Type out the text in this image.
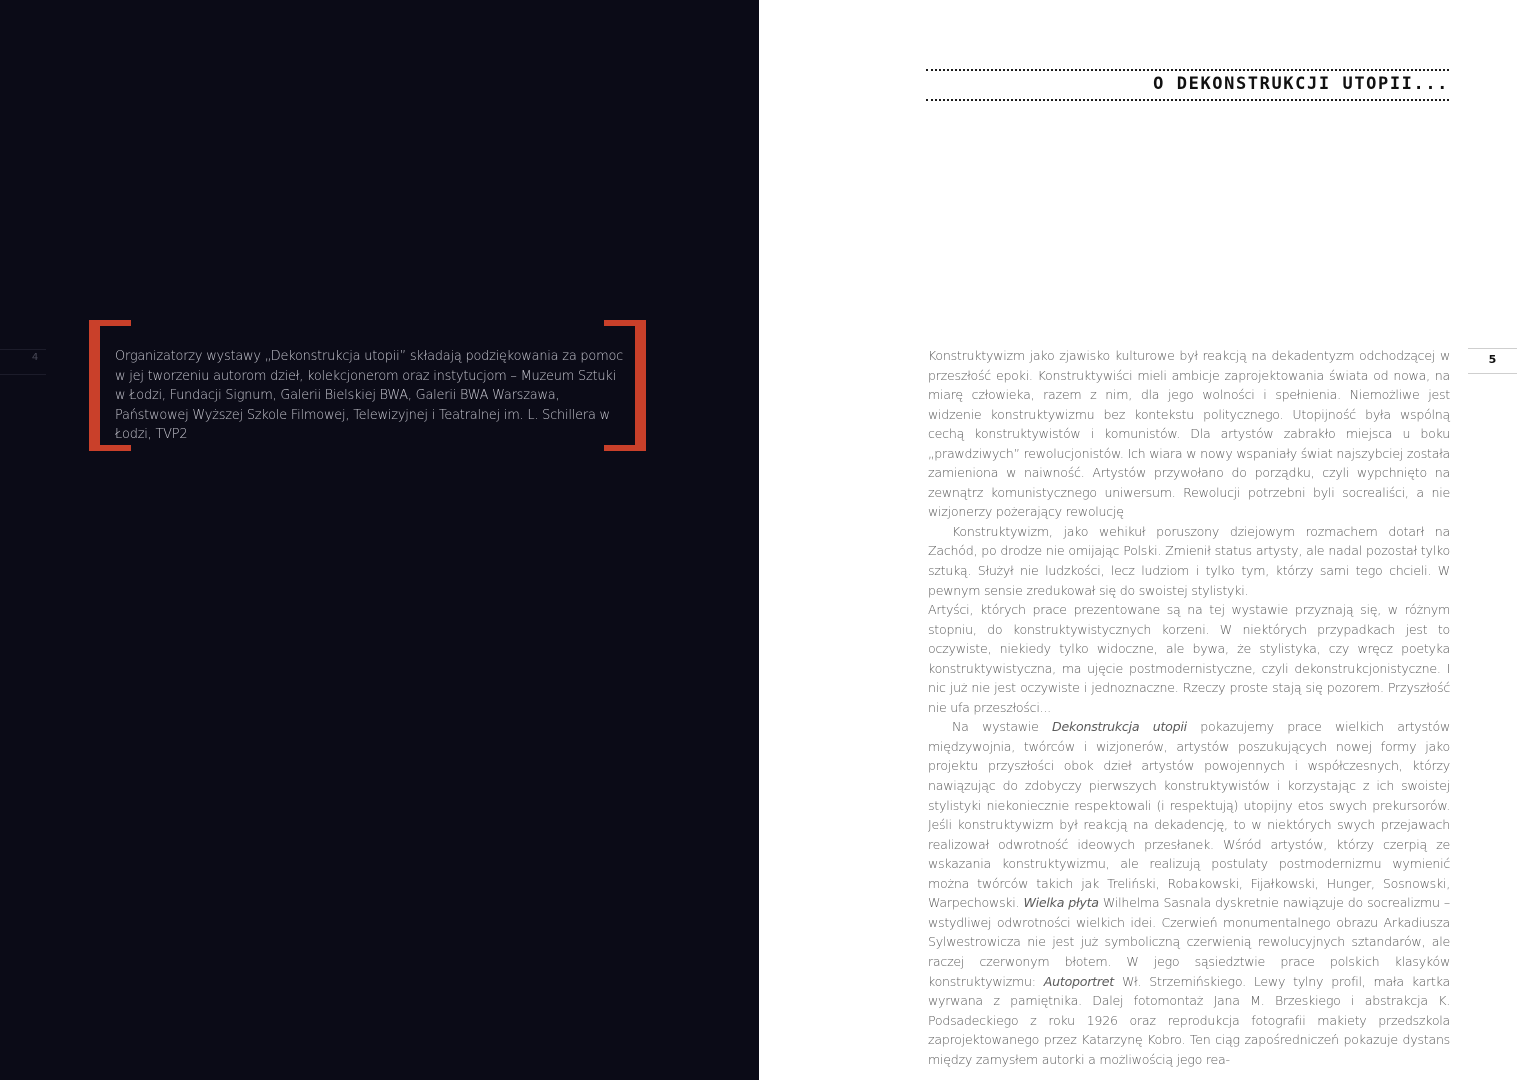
4	Organizatorzy wystawy „Dekonstrukcja utopii” składają podziękowania za pomoc w jej tworzeniu autorom dzieł, kolekcjonerom oraz instytucjom – Muzeum Sztuki w Łodzi, Fundacji Signum, Galerii Bielskiej BWA, Galerii BWA Warszawa, Państwowej Wyższej Szkole Filmowej, Telewizyjnej i Teatralnej im. L. Schillera w Łodzi, TVP2

O DEKONSTRUKCJI UTOPII...
5

Konstruktywizm jako zjawisko kulturowe był reakcją na dekadentyzm odchodzącej w przeszłość epoki. Konstruktywiści mieli ambicje zaprojektowania świata od nowa, na miarę człowieka, razem z nim, dla jego wolności i spełnienia. Niemożliwe jest widzenie konstruktywizmu bez kontekstu politycznego. Utopijność była wspólną cechą konstruktywistów i komunistów. Dla artystów zabrakło miejsca u boku „prawdziwych” rewolucjonistów. Ich wiara w nowy wspaniały świat najszybciej została zamieniona w naiwność. Artystów przywołano do porządku, czyli wypchnięto na zewnątrz komunistycznego uniwersum. Rewolucji potrzebni byli socrealiści, a nie wizjonerzy pożerający rewolucję

Konstruktywizm, jako wehikuł poruszony dziejowym rozmachem dotarł na Zachód, po drodze nie omijając Polski. Zmienił status artysty, ale nadal pozostał tylko sztuką. Służył nie ludzkości, lecz ludziom i tylko tym, którzy sami tego chcieli. W pewnym sensie zredukował się do swoistej stylistyki.

Artyści, których prace prezentowane są na tej wystawie przyznają się, w różnym stopniu, do konstruktywistycznych korzeni. W niektórych przypadkach jest to oczywiste, niekiedy tylko widoczne, ale bywa, że stylistyka, czy wręcz poetyka konstruktywistyczna, ma ujęcie postmodernistyczne, czyli dekonstrukcjonistyczne. I nic już nie jest oczywiste i jednoznaczne. Rzeczy proste stają się pozorem. Przyszłość nie ufa przeszłości...

Na wystawie Dekonstrukcja utopii pokazujemy prace wielkich artystów międzywojnia, twórców i wizjonerów, artystów poszukujących nowej formy jako projektu przyszłości obok dzieł artystów powojennych i współczesnych, którzy nawiązując do zdobyczy pierwszych konstruktywistów i korzystając z ich swoistej stylistyki niekoniecznie respektowali (i respektują) utopijny etos swych prekursorów. Jeśli konstruktywizm był reakcją na dekadencję, to w niektórych swych przejawach realizował odwrotność ideowych przesłanek. Wśród artystów, którzy czerpią ze wskazania konstruktywizmu, ale realizują postulaty postmodernizmu wymienić można twórców takich jak Treliński, Robakowski, Fijałkowski, Hunger, Sosnowski, Warpechowski. Wielka płyta Wilhelma Sasnala dyskretnie nawiązuje do socrealizmu –wstydliwej odwrotności wielkich idei. Czerwień monumentalnego obrazu Arkadiusza Sylwestrowicza nie jest już symboliczną czerwienią rewolucyjnych sztandarów, ale raczej czerwonym błotem. W jego sąsiedztwie prace polskich klasyków konstruktywizmu: Autoportret Wł. Strzemińskiego. Lewy tylny profil, mała kartka wyrwana z pamiętnika. Dalej fotomontaż Jana M. Brzeskiego i abstrakcja K. Podsadeckiego z roku 1926 oraz reprodukcja fotografii makiety przedszkola zaprojektowanego przez Katarzynę Kobro. Ten ciąg zapośredniczeń pokazuje dystans między zamysłem autorki a możliwością jego rea-
